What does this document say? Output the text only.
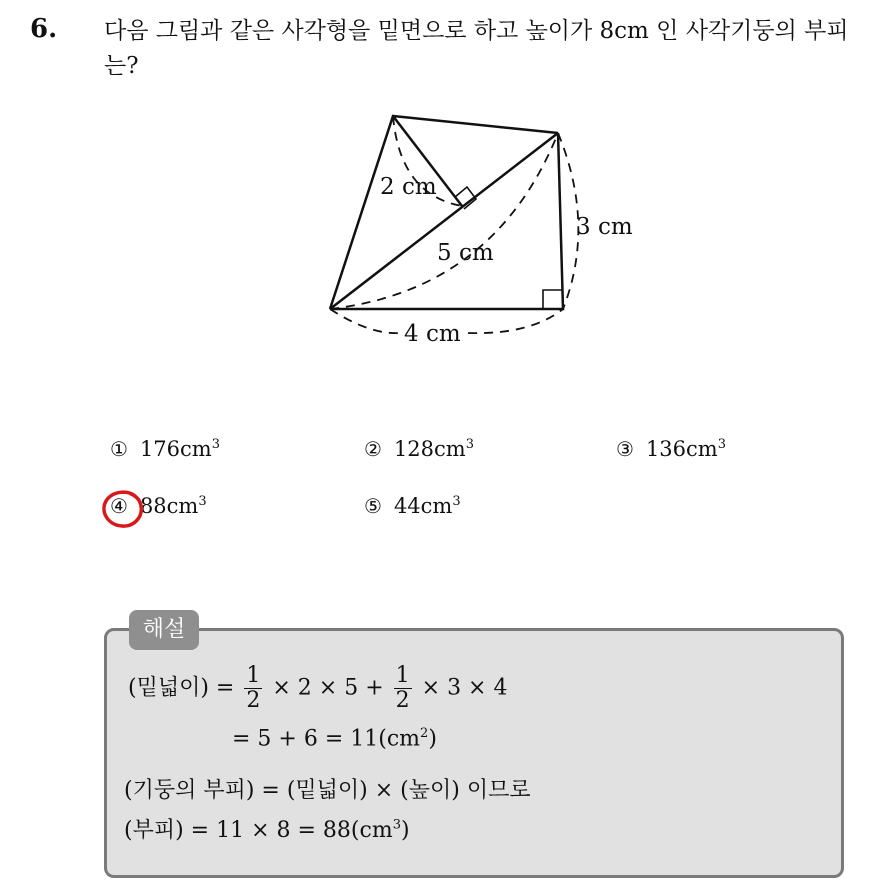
6. 다음 그림과 같은 사각형을 밑면으로 하고 높이가 8cm 인 사각기둥의 부피는?
2 cm
5 cm
3 cm
4 cm
① $176cm^3$	② $128cm^3$	③ $136cm^3$
④ $88cm^3$	⑤ $44cm^3$
해설
(밑넓이) = $\frac{1}{2} \times 2 \times 5 + \frac{1}{2} \times 3 \times 4$
= $5 + 6 = 11(cm^2)$
(기둥의 부피) = (밑넓이) × (높이) 이므로
(부피) = $11 \times 8 = 88(cm^3)$
